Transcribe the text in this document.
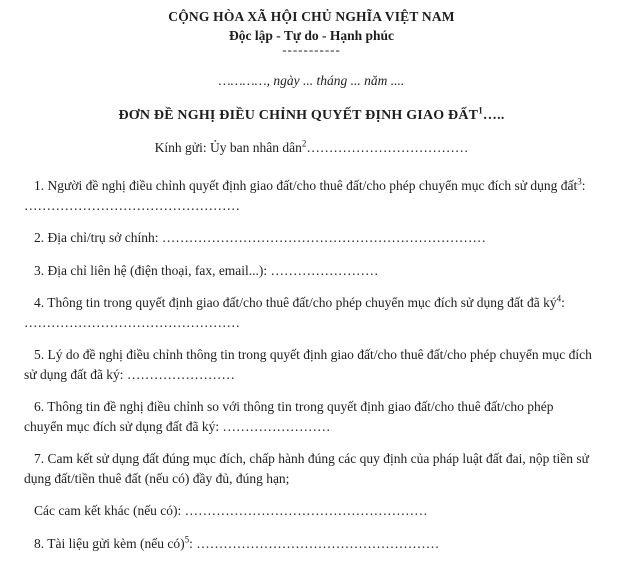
CỘNG HÒA XÃ HỘI CHỦ NGHĨA VIỆT NAM
Độc lập - Tự do - Hạnh phúc
-----------
…………, ngày ... tháng ... năm ....
ĐƠN ĐỀ NGHỊ ĐIỀU CHỈNH QUYẾT ĐỊNH GIAO ĐẤT$^1$…..
Kính gửi: Ủy ban nhân dân$^2$………………………………

1. Người đề nghị điều chỉnh quyết định giao đất/cho thuê đất/cho phép chuyển mục đích sử dụng đất$^3$: …………………………………………

2. Địa chỉ/trụ sở chính: ………………………………………………………………

3. Địa chỉ liên hệ (điện thoại, fax, email...): ……………………

4. Thông tin trong quyết định giao đất/cho thuê đất/cho phép chuyển mục đích sử dụng đất đã ký$^4$: …………………………………………

5. Lý do đề nghị điều chỉnh thông tin trong quyết định giao đất/cho thuê đất/cho phép chuyển mục đích sử dụng đất đã ký: ……………………

6. Thông tin đề nghị điều chỉnh so với thông tin trong quyết định giao đất/cho thuê đất/cho phép chuyển mục đích sử dụng đất đã ký: ……………………

7. Cam kết sử dụng đất đúng mục đích, chấp hành đúng các quy định của pháp luật đất đai, nộp tiền sử dụng đất/tiền thuê đất (nếu có) đầy đủ, đúng hạn;

Các cam kết khác (nếu có): ………………………………………………

8. Tài liệu gửi kèm (nếu có)$^5$: ………………………………………………
